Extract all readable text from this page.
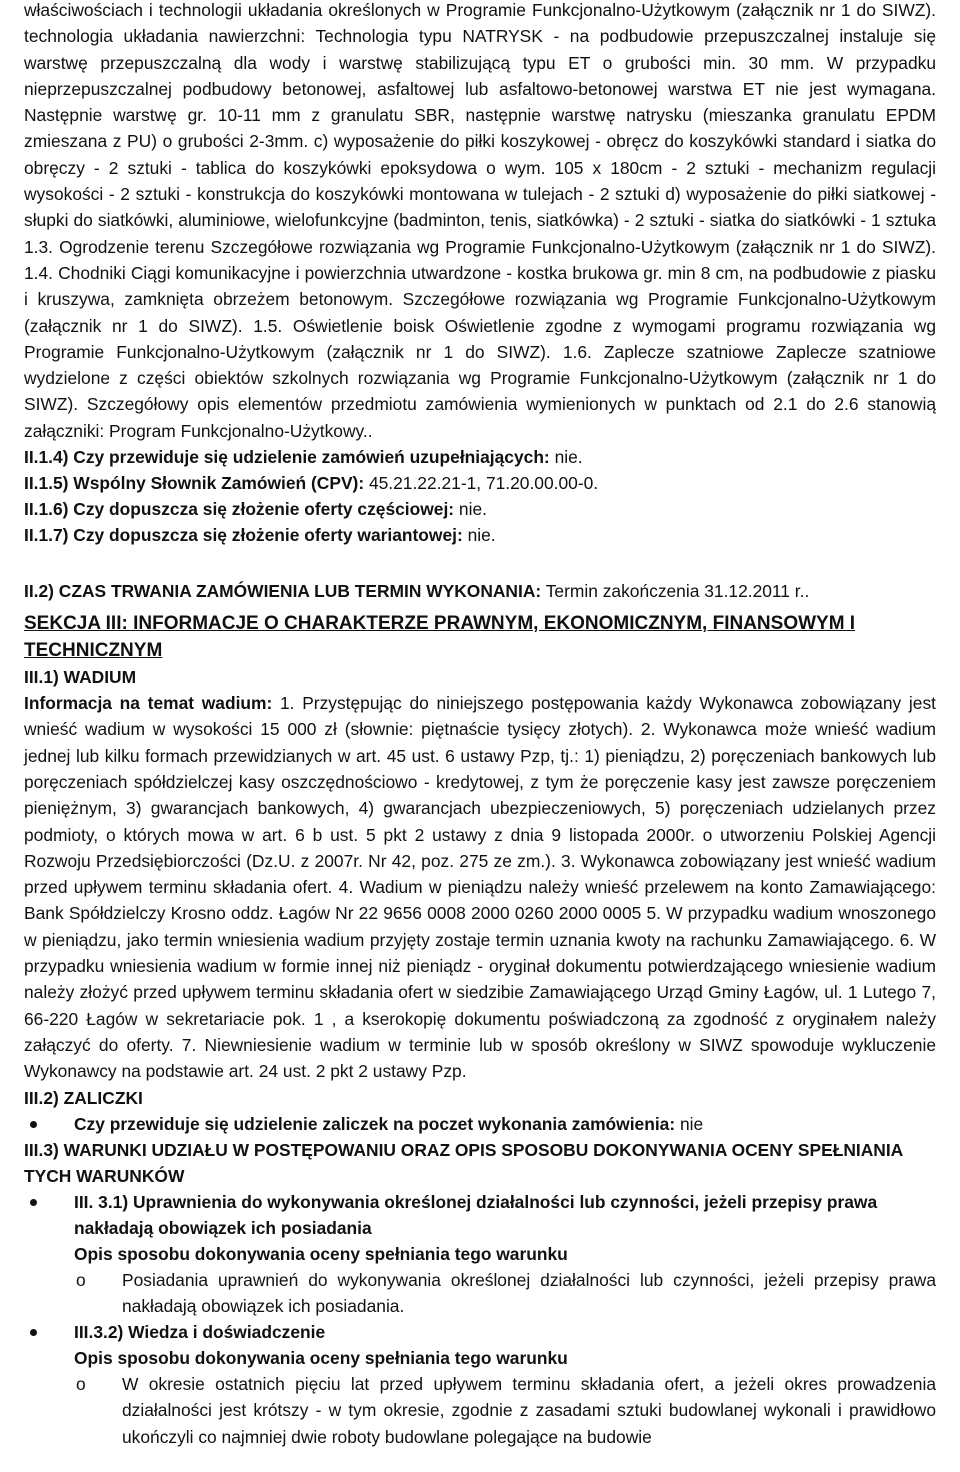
właściwościach i technologii układania określonych w Programie Funkcjonalno-Użytkowym (załącznik nr 1 do SIWZ). technologia układania nawierzchni: Technologia typu NATRYSK - na podbudowie przepuszczalnej instaluje się warstwę przepuszczalną dla wody i warstwę stabilizującą typu ET o grubości min. 30 mm. W przypadku nieprzepuszczalnej podbudowy betonowej, asfaltowej lub asfaltowo-betonowej warstwa ET nie jest wymagana. Następnie warstwę gr. 10-11 mm z granulatu SBR, następnie warstwę natrysku (mieszanka granulatu EPDM zmieszana z PU) o grubości 2-3mm. c) wyposażenie do piłki koszykowej - obręcz do koszykówki standard i siatka do obręczy - 2 sztuki - tablica do koszykówki epoksydowa o wym. 105 x 180cm - 2 sztuki - mechanizm regulacji wysokości - 2 sztuki - konstrukcja do koszykówki montowana w tulejach - 2 sztuki d) wyposażenie do piłki siatkowej - słupki do siatkówki, aluminiowe, wielofunkcyjne (badminton, tenis, siatkówka) - 2 sztuki - siatka do siatkówki - 1 sztuka 1.3. Ogrodzenie terenu Szczegółowe rozwiązania wg Programie Funkcjonalno-Użytkowym (załącznik nr 1 do SIWZ). 1.4. Chodniki Ciągi komunikacyjne i powierzchnia utwardzone - kostka brukowa gr. min 8 cm, na podbudowie z piasku i kruszywa, zamknięta obrzeżem betonowym. Szczegółowe rozwiązania wg Programie Funkcjonalno-Użytkowym (załącznik nr 1 do SIWZ). 1.5. Oświetlenie boisk Oświetlenie zgodne z wymogami programu rozwiązania wg Programie Funkcjonalno-Użytkowym (załącznik nr 1 do SIWZ). 1.6. Zaplecze szatniowe Zaplecze szatniowe wydzielone z części obiektów szkolnych rozwiązania wg Programie Funkcjonalno-Użytkowym (załącznik nr 1 do SIWZ). Szczegółowy opis elementów przedmiotu zamówienia wymienionych w punktach od 2.1 do 2.6 stanowią załączniki: Program Funkcjonalno-Użytkowy..

II.1.4) Czy przewiduje się udzielenie zamówień uzupełniających: nie.

II.1.5) Wspólny Słownik Zamówień (CPV): 45.21.22.21-1, 71.20.00.00-0.

II.1.6) Czy dopuszcza się złożenie oferty częściowej: nie.

II.1.7) Czy dopuszcza się złożenie oferty wariantowej: nie.

II.2) CZAS TRWANIA ZAMÓWIENIA LUB TERMIN WYKONANIA: Termin zakończenia 31.12.2011 r..

SEKCJA III: INFORMACJE O CHARAKTERZE PRAWNYM, EKONOMICZNYM, FINANSOWYM I TECHNICZNYM

III.1) WADIUM

Informacja na temat wadium: 1. Przystępując do niniejszego postępowania każdy Wykonawca zobowiązany jest wnieść wadium w wysokości 15 000 zł (słownie: piętnaście tysięcy złotych). 2. Wykonawca może wnieść wadium jednej lub kilku formach przewidzianych w art. 45 ust. 6 ustawy Pzp, tj.: 1) pieniądzu, 2) poręczeniach bankowych lub poręczeniach spółdzielczej kasy oszczędnościowo - kredytowej, z tym że poręczenie kasy jest zawsze poręczeniem pieniężnym, 3) gwarancjach bankowych, 4) gwarancjach ubezpieczeniowych, 5) poręczeniach udzielanych przez podmioty, o których mowa w art. 6 b ust. 5 pkt 2 ustawy z dnia 9 listopada 2000r. o utworzeniu Polskiej Agencji Rozwoju Przedsiębiorczości (Dz.U. z 2007r. Nr 42, poz. 275 ze zm.). 3. Wykonawca zobowiązany jest wnieść wadium przed upływem terminu składania ofert. 4. Wadium w pieniądzu należy wnieść przelewem na konto Zamawiającego: Bank Spółdzielczy Krosno oddz. Łagów Nr 22 9656 0008 2000 0260 2000 0005 5. W przypadku wadium wnoszonego w pieniądzu, jako termin wniesienia wadium przyjęty zostaje termin uznania kwoty na rachunku Zamawiającego. 6. W przypadku wniesienia wadium w formie innej niż pieniądz - oryginał dokumentu potwierdzającego wniesienie wadium należy złożyć przed upływem terminu składania ofert w siedzibie Zamawiającego Urząd Gminy Łagów, ul. 1 Lutego 7, 66-220 Łagów w sekretariacie pok. 1 , a kserokopię dokumentu poświadczoną za zgodność z oryginałem należy załączyć do oferty. 7. Niewniesienie wadium w terminie lub w sposób określony w SIWZ spowoduje wykluczenie Wykonawcy na podstawie art. 24 ust. 2 pkt 2 ustawy Pzp.

III.2) ZALICZKI

Czy przewiduje się udzielenie zaliczek na poczet wykonania zamówienia: nie

III.3) WARUNKI UDZIAŁU W POSTĘPOWANIU ORAZ OPIS SPOSOBU DOKONYWANIA OCENY SPEŁNIANIA TYCH WARUNKÓW

III. 3.1) Uprawnienia do wykonywania określonej działalności lub czynności, jeżeli przepisy prawa nakładają obowiązek ich posiadania

Opis sposobu dokonywania oceny spełniania tego warunku

o Posiadania uprawnień do wykonywania określonej działalności lub czynności, jeżeli przepisy prawa nakładają obowiązek ich posiadania.

III.3.2) Wiedza i doświadczenie

Opis sposobu dokonywania oceny spełniania tego warunku

o W okresie ostatnich pięciu lat przed upływem terminu składania ofert, a jeżeli okres prowadzenia działalności jest krótszy - w tym okresie, zgodnie z zasadami sztuki budowlanej wykonali i prawidłowo ukończyli co najmniej dwie roboty budowlane polegające na budowie
